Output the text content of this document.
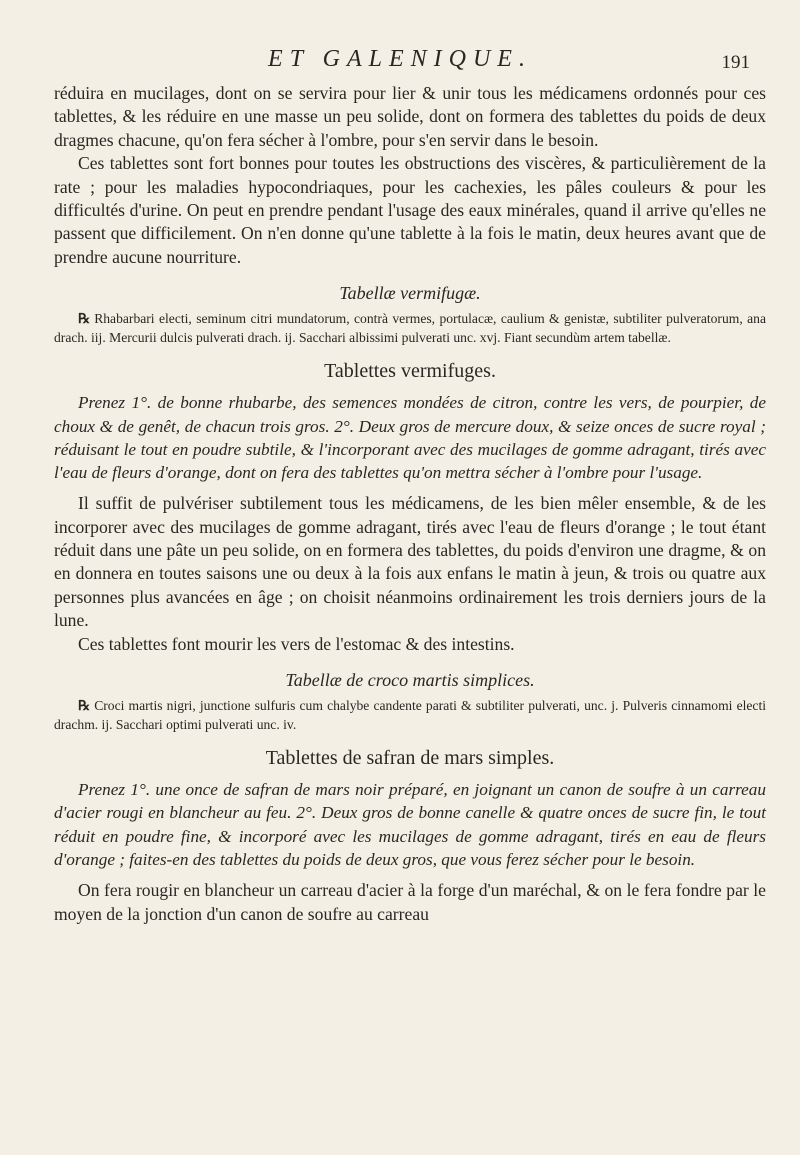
ET GALENIQUE.	191

réduira en mucilages, dont on se servira pour lier & unir tous les médicamens ordonnés pour ces tablettes, & les réduire en une masse un peu solide, dont on formera des tablettes du poids de deux dragmes chacune, qu'on fera sécher à l'ombre, pour s'en servir dans le besoin.

Ces tablettes sont fort bonnes pour toutes les obstructions des viscères, & particulièrement de la rate ; pour les maladies hypocondriaques, pour les cachexies, les pâles couleurs & pour les difficultés d'urine. On peut en prendre pendant l'usage des eaux minérales, quand il arrive qu'elles ne passent que difficilement. On n'en donne qu'une tablette à la fois le matin, deux heures avant que de prendre aucune nourriture.

Tabellæ vermifugæ.

℞ Rhabarbari electi, seminum citri mundatorum, contrà vermes, portulacæ, caulium & genistæ, subtiliter pulveratorum, ana drach. iij. Mercurii dulcis pulverati drach. ij. Sacchari albissimi pulverati unc. xvj. Fiant secundùm artem tabellæ.

Tablettes vermifuges.

Prenez 1°. de bonne rhubarbe, des semences mondées de citron, contre les vers, de pourpier, de choux & de genêt, de chacun trois gros. 2°. Deux gros de mercure doux, & seize onces de sucre royal ; réduisant le tout en poudre subtile, & l'incorporant avec des mucilages de gomme adragant, tirés avec l'eau de fleurs d'orange, dont on fera des tablettes qu'on mettra sécher à l'ombre pour l'usage.

Il suffit de pulvériser subtilement tous les médicamens, de les bien mêler ensemble, & de les incorporer avec des mucilages de gomme adragant, tirés avec l'eau de fleurs d'orange ; le tout étant réduit dans une pâte un peu solide, on en formera des tablettes, du poids d'environ une dragme, & on en donnera en toutes saisons une ou deux à la fois aux enfans le matin à jeun, & trois ou quatre aux personnes plus avancées en âge ; on choisit néanmoins ordinairement les trois derniers jours de la lune.

Ces tablettes font mourir les vers de l'estomac & des intestins.

Tabellæ de croco martis simplices.

℞ Croci martis nigri, junctione sulfuris cum chalybe candente parati & subtiliter pulverati, unc. j. Pulveris cinnamomi electi drachm. ij. Sacchari optimi pulverati unc. iv.

Tablettes de safran de mars simples.

Prenez 1°. une once de safran de mars noir préparé, en joignant un canon de soufre à un carreau d'acier rougi en blancheur au feu. 2°. Deux gros de bonne canelle & quatre onces de sucre fin, le tout réduit en poudre fine, & incorporé avec les mucilages de gomme adragant, tirés en eau de fleurs d'orange ; faites-en des tablettes du poids de deux gros, que vous ferez sécher pour le besoin.

On fera rougir en blancheur un carreau d'acier à la forge d'un maréchal, & on le fera fondre par le moyen de la jonction d'un canon de soufre au carreau
